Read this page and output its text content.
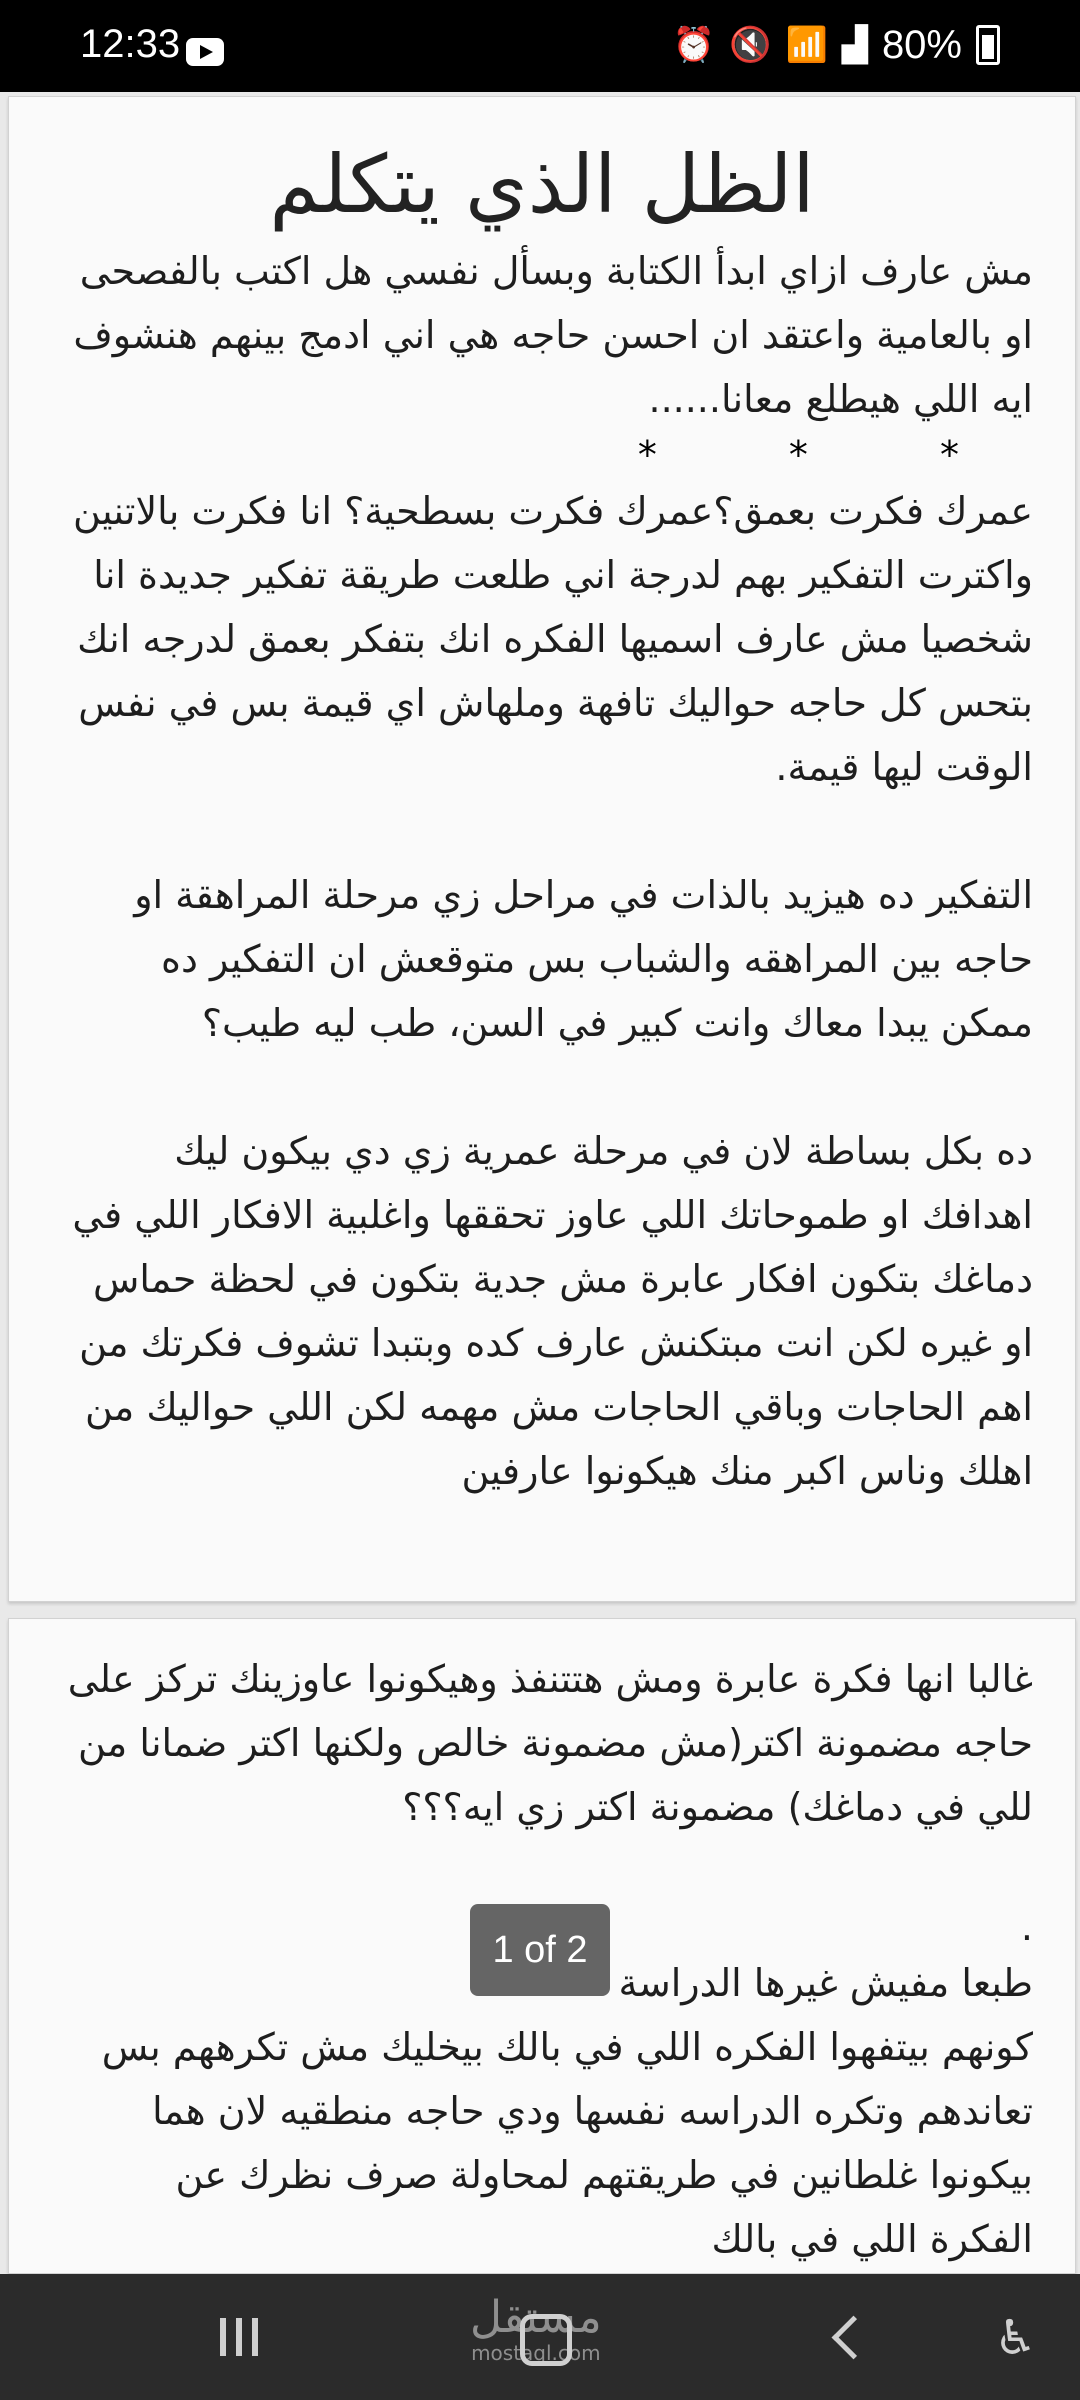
12:33	⏰ 🔇 📶 ▟ 80%
الظل الذي يتكلم
مش عارف ازاي ابدأ الكتابة وبسأل نفسي هل اكتب بالفصحى او بالعامية واعتقد ان احسن حاجه هي اني ادمج بينهم هنشوف ايه اللي هيطلع معانا......
* * *
عمرك فكرت بعمق؟عمرك فكرت بسطحية؟ انا فكرت بالاتنين واكترت التفكير بهم لدرجة اني طلعت طريقة تفكير جديدة انا شخصيا مش عارف اسميها الفكره انك بتفكر بعمق لدرجه انك بتحس كل حاجه حواليك تافهة وملهاش اي قيمة بس في نفس الوقت ليها قيمة.
التفكير ده هيزيد بالذات في مراحل زي مرحلة المراهقة او حاجه بين المراهقه والشباب بس متوقعش ان التفكير ده ممكن يبدا معاك وانت كبير في السن، طب ليه طيب؟
ده بكل بساطة لان في مرحلة عمرية زي دي بيكون ليك اهدافك او طموحاتك اللي عاوز تحققها واغلبية الافكار اللي في دماغك بتكون افكار عابرة مش جدية بتكون في لحظة حماس او غيره لكن انت مبتكنش عارف كده وبتبدا تشوف فكرتك من اهم الحاجات وباقي الحاجات مش مهمه لكن اللي حواليك من اهلك وناس اكبر منك هيكونوا عارفين
غالبا انها فكرة عابرة ومش هتتنفذ وهيكونوا عاوزينك تركز على حاجه مضمونة اكتر(مش مضمونة خالص ولكنها اكتر ضمانا من للي في دماغك) مضمونة اكتر زي ايه؟؟؟
.
طبعا مفيش غيرها الدراسة
كونهم بيتفهوا الفكره اللي في بالك بيخليك مش تكرههم بس تعاندهم وتكره الدراسه نفسها ودي حاجه منطقيه لان هما بيكونوا غلطانين في طريقتهم لمحاولة صرف نظرك عن الفكرة اللي في بالك
1 of 2
مستقل
mostaql.com	♿
